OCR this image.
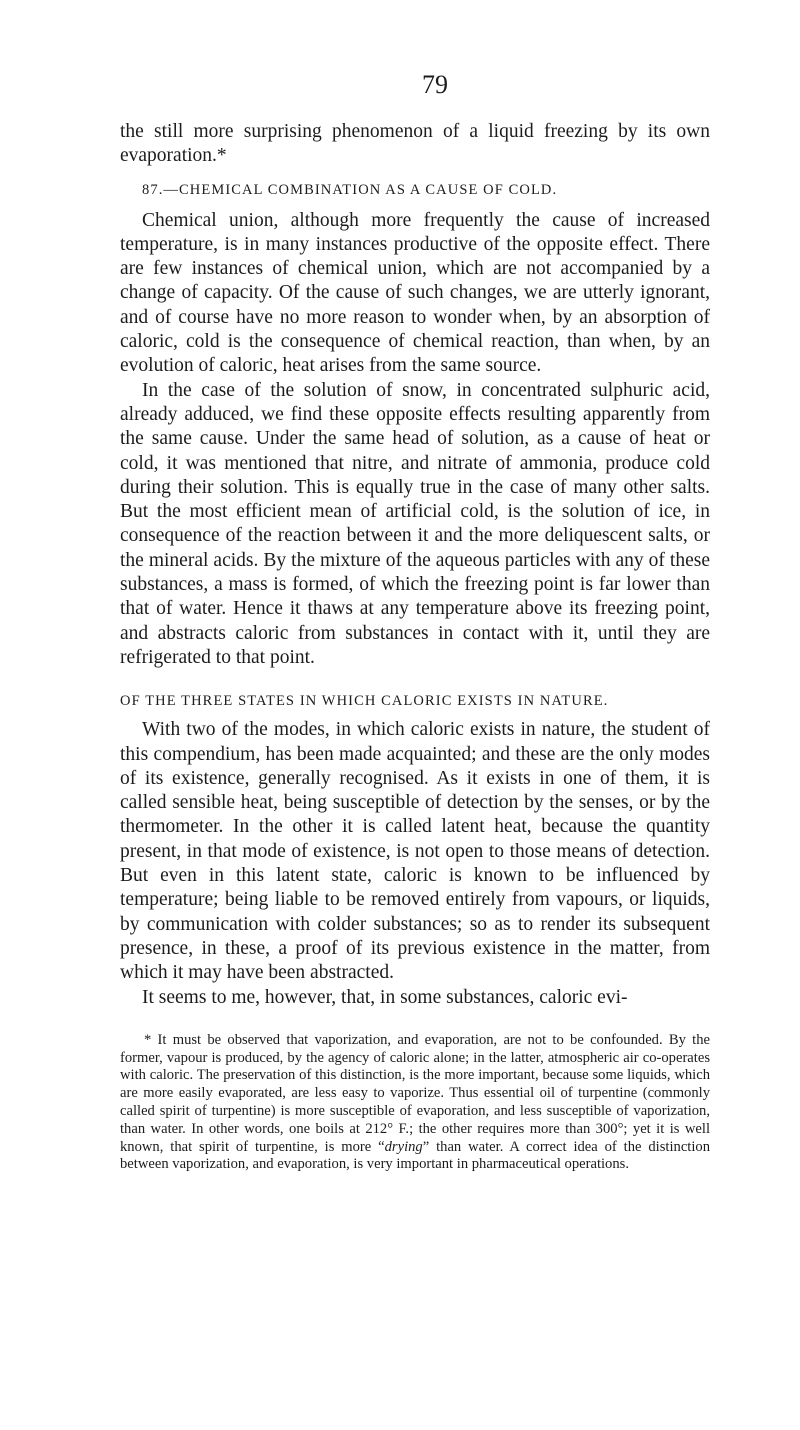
79

the still more surprising phenomenon of a liquid freezing by its own evaporation.*

87.—CHEMICAL COMBINATION AS A CAUSE OF COLD.

Chemical union, although more frequently the cause of increased temperature, is in many instances productive of the opposite effect. There are few instances of chemical union, which are not accompanied by a change of capacity. Of the cause of such changes, we are utterly ignorant, and of course have no more reason to wonder when, by an absorption of caloric, cold is the consequence of chemical reaction, than when, by an evolution of caloric, heat arises from the same source.

In the case of the solution of snow, in concentrated sulphuric acid, already adduced, we find these opposite effects resulting apparently from the same cause. Under the same head of solution, as a cause of heat or cold, it was mentioned that nitre, and nitrate of ammonia, produce cold during their solution. This is equally true in the case of many other salts. But the most efficient mean of artificial cold, is the solution of ice, in consequence of the reaction between it and the more deliquescent salts, or the mineral acids. By the mixture of the aqueous particles with any of these substances, a mass is formed, of which the freezing point is far lower than that of water. Hence it thaws at any temperature above its freezing point, and abstracts caloric from substances in contact with it, until they are refrigerated to that point.

OF THE THREE STATES IN WHICH CALORIC EXISTS IN NATURE.

With two of the modes, in which caloric exists in nature, the student of this compendium, has been made acquainted; and these are the only modes of its existence, generally recognised. As it exists in one of them, it is called sensible heat, being susceptible of detection by the senses, or by the thermometer. In the other it is called latent heat, because the quantity present, in that mode of existence, is not open to those means of detection. But even in this latent state, caloric is known to be influenced by temperature; being liable to be removed entirely from vapours, or liquids, by communication with colder substances; so as to render its subsequent presence, in these, a proof of its previous existence in the matter, from which it may have been abstracted.

It seems to me, however, that, in some substances, caloric evi-

* It must be observed that vaporization, and evaporation, are not to be confounded. By the former, vapour is produced, by the agency of caloric alone; in the latter, atmospheric air co-operates with caloric. The preservation of this distinction, is the more important, because some liquids, which are more easily evaporated, are less easy to vaporize. Thus essential oil of turpentine (commonly called spirit of turpentine) is more susceptible of evaporation, and less susceptible of vaporization, than water. In other words, one boils at 212° F.; the other requires more than 300°; yet it is well known, that spirit of turpentine, is more “drying” than water. A correct idea of the distinction between vaporization, and evaporation, is very important in pharmaceutical operations.
